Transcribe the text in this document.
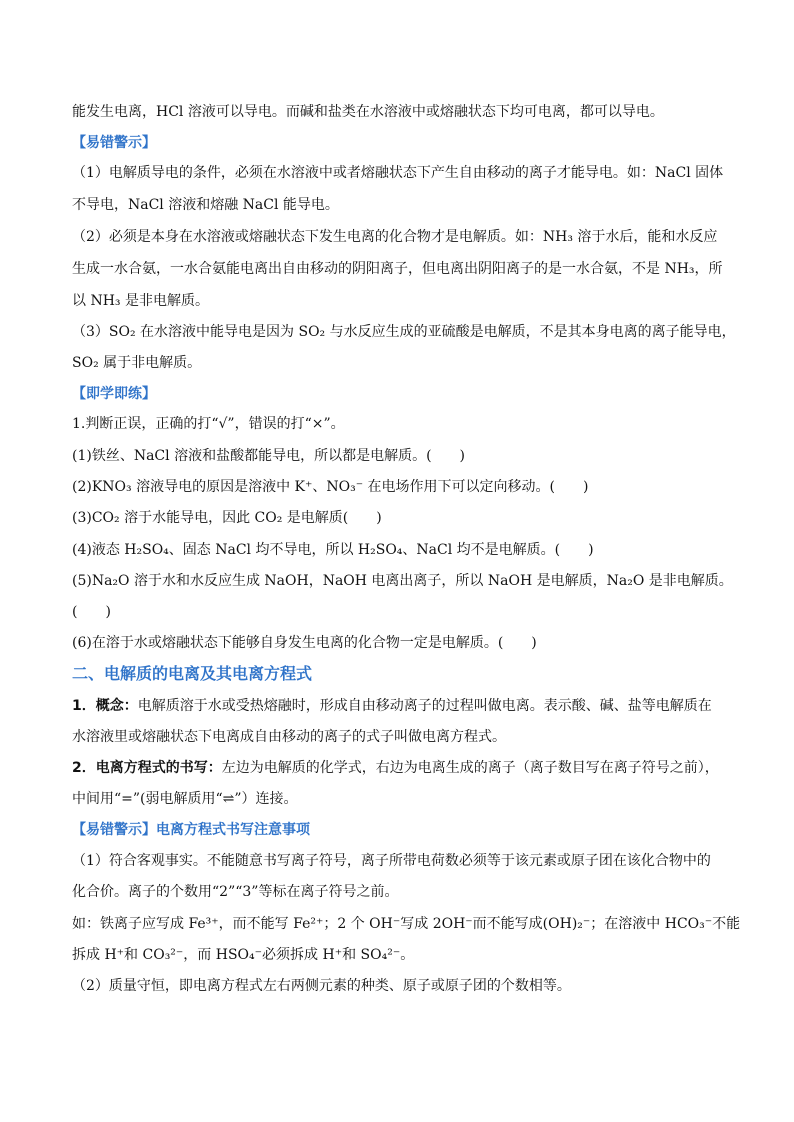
能发生电离，HCl 溶液可以导电。而碱和盐类在水溶液中或熔融状态下均可电离，都可以导电。
【易错警示】
（1）电解质导电的条件，必须在水溶液中或者熔融状态下产生自由移动的离子才能导电。如：NaCl 固体
不导电，NaCl 溶液和熔融 NaCl 能导电。
（2）必须是本身在水溶液或熔融状态下发生电离的化合物才是电解质。如：NH₃ 溶于水后，能和水反应
生成一水合氨，一水合氨能电离出自由移动的阴阳离子，但电离出阴阳离子的是一水合氨，不是 NH₃，所
以 NH₃ 是非电解质。
（3）SO₂ 在水溶液中能导电是因为 SO₂ 与水反应生成的亚硫酸是电解质，不是其本身电离的离子能导电，
SO₂ 属于非电解质。
【即学即练】
1.判断正误，正确的打“√”，错误的打“×”。
(1)铁丝、NaCl 溶液和盐酸都能导电，所以都是电解质。(　　)
(2)KNO₃ 溶液导电的原因是溶液中 K⁺、NO₃⁻ 在电场作用下可以定向移动。(　　)
(3)CO₂ 溶于水能导电，因此 CO₂ 是电解质(　　)
(4)液态 H₂SO₄、固态 NaCl 均不导电，所以 H₂SO₄、NaCl 均不是电解质。(　　)
(5)Na₂O 溶于水和水反应生成 NaOH，NaOH 电离出离子，所以 NaOH 是电解质，Na₂O 是非电解质。
(　　)
(6)在溶于水或熔融状态下能够自身发生电离的化合物一定是电解质。(　　)
二、电解质的电离及其电离方程式
1．概念：电解质溶于水或受热熔融时，形成自由移动离子的过程叫做电离。表示酸、碱、盐等电解质在
水溶液里或熔融状态下电离成自由移动的离子的式子叫做电离方程式。
2．电离方程式的书写：左边为电解质的化学式，右边为电离生成的离子（离子数目写在离子符号之前），
中间用“=”(弱电解质用“⇌”）连接。
【易错警示】电离方程式书写注意事项
（1）符合客观事实。不能随意书写离子符号，离子所带电荷数必须等于该元素或原子团在该化合物中的
化合价。离子的个数用“2”“3”等标在离子符号之前。
如：铁离子应写成 Fe³⁺，而不能写 Fe²⁺；2 个 OH⁻写成 2OH⁻而不能写成(OH)₂⁻；在溶液中 HCO₃⁻不能
拆成 H⁺和 CO₃²⁻，而 HSO₄⁻必须拆成 H⁺和 SO₄²⁻。
（2）质量守恒，即电离方程式左右两侧元素的种类、原子或原子团的个数相等。
